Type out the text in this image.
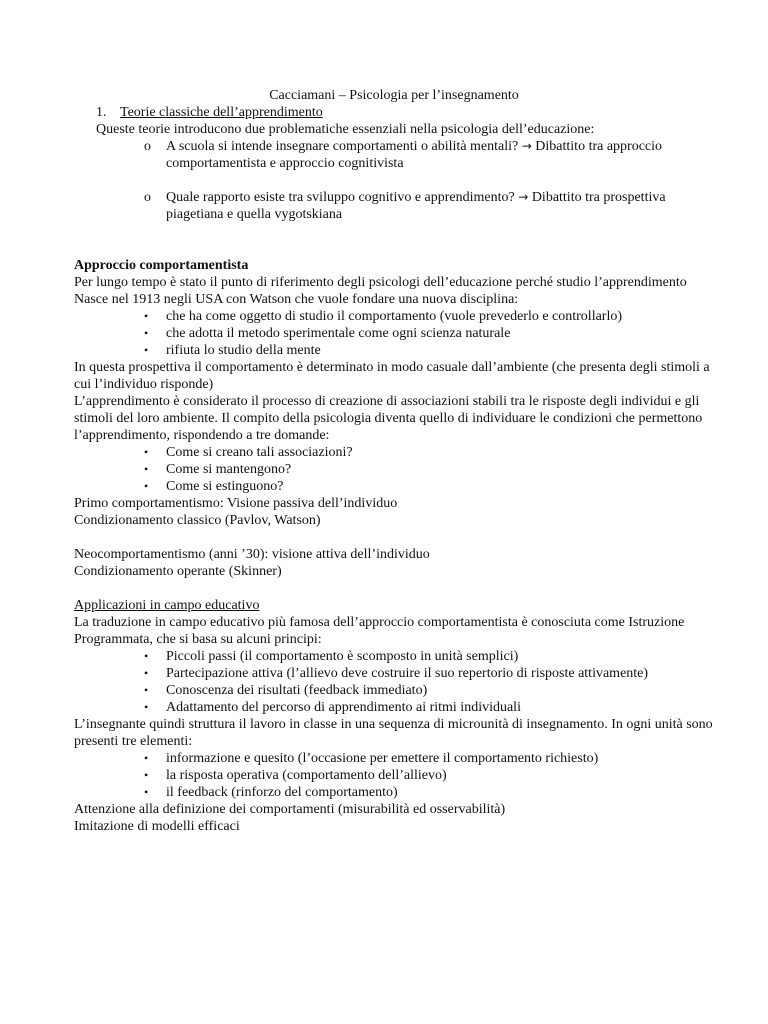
Cacciamani – Psicologia per l’insegnamento
1. Teorie classiche dell’apprendimento
Queste teorie introducono due problematiche essenziali nella psicologia dell’educazione:
o A scuola si intende insegnare comportamenti o abilità mentali? → Dibattito tra approccio comportamentista e approccio cognitivista
o Quale rapporto esiste tra sviluppo cognitivo e apprendimento? → Dibattito tra prospettiva piagetiana e quella vygotskiana
Approccio comportamentista
Per lungo tempo è stato il punto di riferimento degli psicologi dell’educazione perché studio l’apprendimento
Nasce nel 1913 negli USA con Watson che vuole fondare una nuova disciplina:
• che ha come oggetto di studio il comportamento (vuole prevederlo e controllarlo)
• che adotta il metodo sperimentale come ogni scienza naturale
• rifiuta lo studio della mente
In questa prospettiva il comportamento è determinato in modo casuale dall’ambiente (che presenta degli stimoli a cui l’individuo risponde)
L’apprendimento è considerato il processo di creazione di associazioni stabili tra le risposte degli individui e gli stimoli del loro ambiente. Il compito della psicologia diventa quello di individuare le condizioni che permettono l’apprendimento, rispondendo a tre domande:
• Come si creano tali associazioni?
• Come si mantengono?
• Come si estinguono?
Primo comportamentismo: Visione passiva dell’individuo
Condizionamento classico (Pavlov, Watson)
Neocomportamentismo (anni ’30): visione attiva dell’individuo
Condizionamento operante (Skinner)
Applicazioni in campo educativo
La traduzione in campo educativo più famosa dell’approccio comportamentista è conosciuta come Istruzione Programmata, che si basa su alcuni principi:
• Piccoli passi (il comportamento è scomposto in unità semplici)
• Partecipazione attiva (l’allievo deve costruire il suo repertorio di risposte attivamente)
• Conoscenza dei risultati (feedback immediato)
• Adattamento del percorso di apprendimento ai ritmi individuali
L’insegnante quindi struttura il lavoro in classe in una sequenza di microunità di insegnamento. In ogni unità sono presenti tre elementi:
• informazione e quesito (l’occasione per emettere il comportamento richiesto)
• la risposta operativa (comportamento dell’allievo)
• il feedback (rinforzo del comportamento)
Attenzione alla definizione dei comportamenti (misurabilità ed osservabilità)
Imitazione di modelli efficaci
